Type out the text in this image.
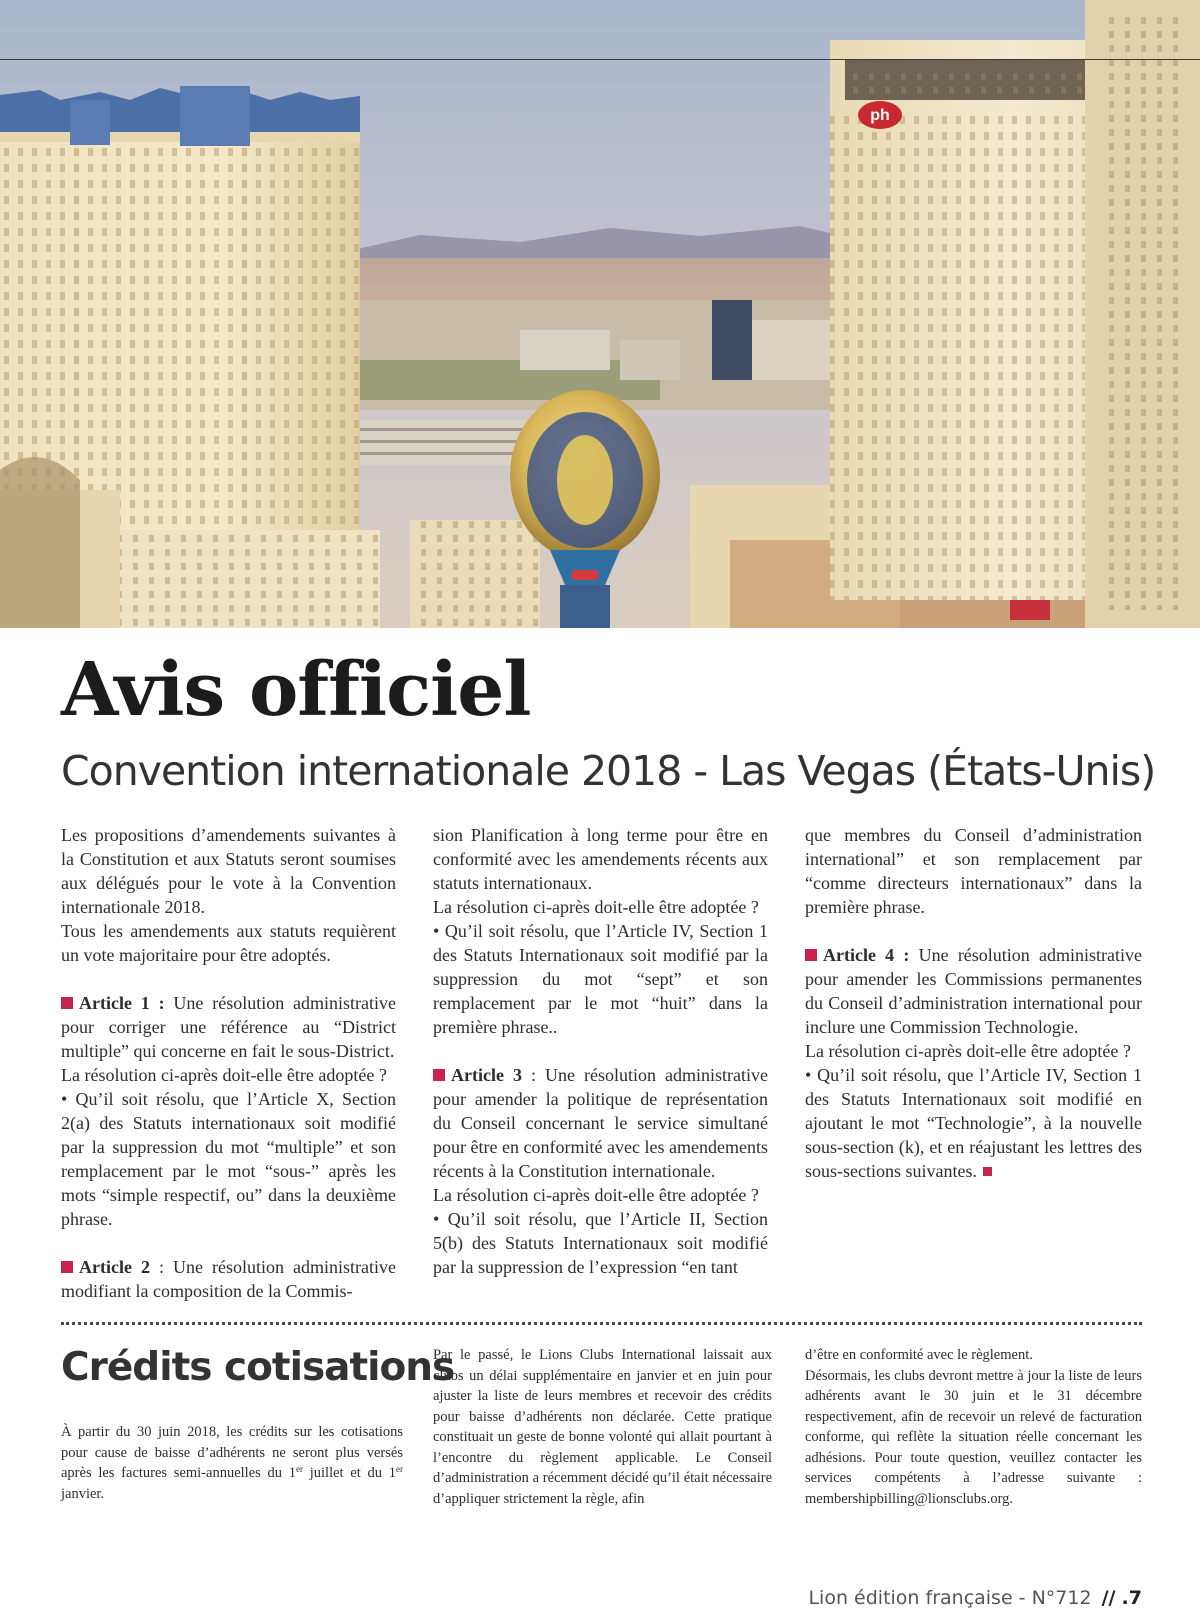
ph
Avis officiel
Convention internationale 2018 - Las Vegas (États-Unis)

Les propositions d’amendements suivantes à la Constitution et aux Statuts seront soumises aux délégués pour le vote à la Convention internationale 2018.

Tous les amendements aux statuts requièrent un vote majoritaire pour être adoptés.

Article 1 : Une résolution administrative pour corriger une référence au “District multiple” qui concerne en fait le sous-District.

La résolution ci-après doit-elle être adoptée ?

• Qu’il soit résolu, que l’Article X, Section 2(a) des Statuts internationaux soit modifié par la suppression du mot “multiple” et son remplacement par le mot “sous-” après les mots “simple respectif, ou” dans la deuxième phrase.

Article 2 : Une résolution administrative modifiant la composition de la Commis-

sion Planification à long terme pour être en conformité avec les amendements récents aux statuts internationaux.

La résolution ci-après doit-elle être adoptée ?

• Qu’il soit résolu, que l’Article IV, Section 1 des Statuts Internationaux soit modifié par la suppression du mot “sept” et son remplacement par le mot “huit” dans la première phrase..

Article 3 : Une résolution administrative pour amender la politique de représentation du Conseil concernant le service simultané pour être en conformité avec les amendements récents à la Constitution internationale.

La résolution ci-après doit-elle être adoptée ?

• Qu’il soit résolu, que l’Article II, Section 5(b) des Statuts Internationaux soit modifié par la suppression de l’expression “en tant

que membres du Conseil d’administration international” et son remplacement par “comme directeurs internationaux” dans la première phrase.

Article 4 : Une résolution administrative pour amender les Commissions permanentes du Conseil d’administration international pour inclure une Commission Technologie.

La résolution ci-après doit-elle être adoptée ?

• Qu’il soit résolu, que l’Article IV, Section 1 des Statuts Internationaux soit modifié en ajoutant le mot “Technologie”, à la nouvelle sous-section (k), et en réajustant les lettres des sous-sections suivantes.

Crédits cotisations

À partir du 30 juin 2018, les crédits sur les cotisations pour cause de baisse d’adhérents ne seront plus versés après les factures semi-annuelles du 1er juillet et du 1er janvier.

Par le passé, le Lions Clubs International laissait aux clubs un délai supplémentaire en janvier et en juin pour ajuster la liste de leurs membres et recevoir des crédits pour baisse d’adhérents non déclarée. Cette pratique constituait un geste de bonne volonté qui allait pourtant à l’encontre du règlement applicable. Le Conseil d’administration a récemment décidé qu’il était nécessaire d’appliquer strictement la règle, afin

d’être en conformité avec le règlement.

Désormais, les clubs devront mettre à jour la liste de leurs adhérents avant le 30 juin et le 31 décembre respectivement, afin de recevoir un relevé de facturation conforme, qui reflète la situation réelle concernant les adhésions. Pour toute question, veuillez contacter les services compétents à l’adresse suivante : membershipbilling@lionsclubs.org.

Lion édition française - N°712 // .7
